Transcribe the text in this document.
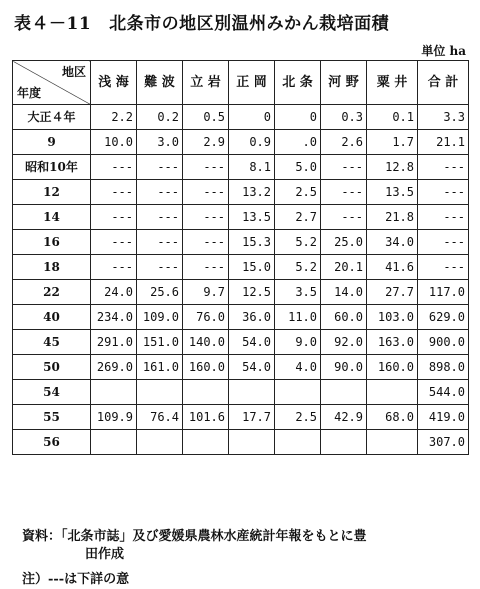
表４－11 北条市の地区別温州みかん栽培面積
単位 ha
地区
年度	浅 海	難 波	立 岩	正 岡	北 条	河 野	粟 井	合 計
大正４年	2.2	0.2	0.5	0	0	0.3	0.1	3.3
9	10.0	3.0	2.9	0.9	.0	2.6	1.7	21.1
昭和10年	---	---	---	8.1	5.0	---	12.8	---
12	---	---	---	13.2	2.5	---	13.5	---
14	---	---	---	13.5	2.7	---	21.8	---
16	---	---	---	15.3	5.2	25.0	34.0	---
18	---	---	---	15.0	5.2	20.1	41.6	---
22	24.0	25.6	9.7	12.5	3.5	14.0	27.7	117.0
40	234.0	109.0	76.0	36.0	11.0	60.0	103.0	629.0
45	291.0	151.0	140.0	54.0	9.0	92.0	163.0	900.0
50	269.0	161.0	160.0	54.0	4.0	90.0	160.0	898.0
54								544.0
55	109.9	76.4	101.6	17.7	2.5	42.9	68.0	419.0
56								307.0
資料：「北条市誌」及び愛媛県農林水産統計年報をもとに豊
田作成
注）---は下詳の意
